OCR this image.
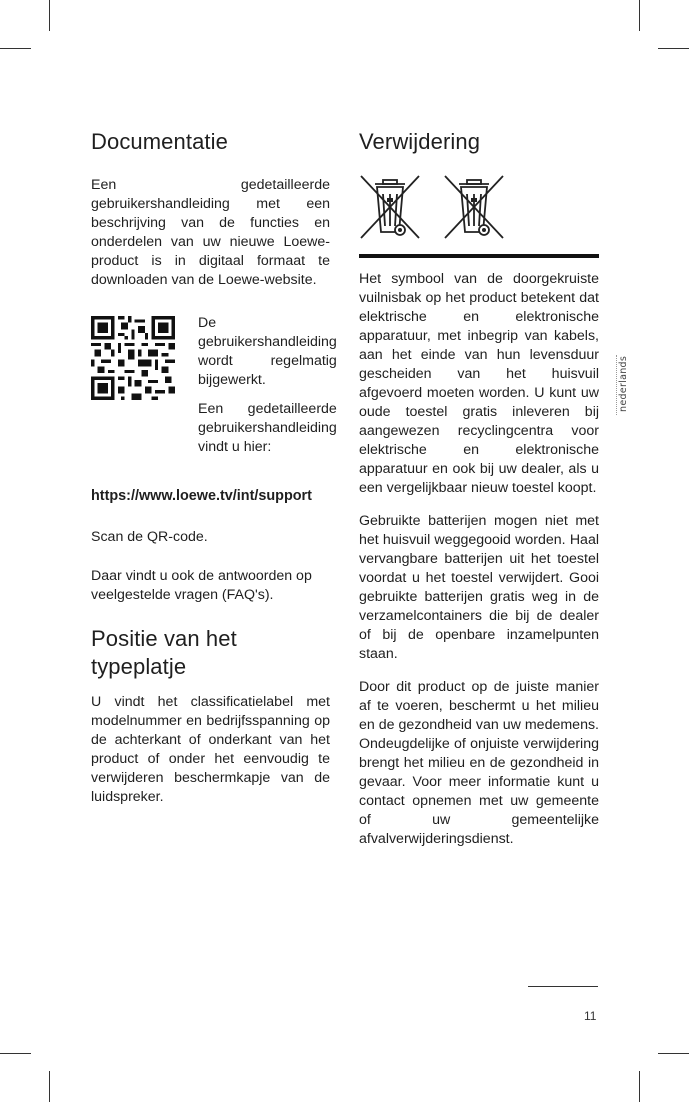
Documentatie

Een gedetailleerde gebruikershandleiding met een beschrijving van de functies en onderdelen van uw nieuwe Loewe-product is in digitaal formaat te downloaden van de Loewe-website.

De gebruikershandleiding wordt regelmatig bijgewerkt.

Een gedetailleerde gebruikershandleiding vindt u hier:

https://www.loewe.tv/int/support

Scan de QR-code.

Daar vindt u ook de antwoorden op veelgestelde vragen (FAQ's).

Positie van het typeplatje

U vindt het classificatielabel met modelnummer en bedrijfsspanning op de achterkant of onderkant van het product of onder het eenvoudig te verwijderen beschermkapje van de luidspreker.

Verwijdering

Het symbool van de doorgekruiste vuilnisbak op het product betekent dat elektrische en elektronische apparatuur, met inbegrip van kabels, aan het einde van hun levensduur gescheiden van het huisvuil afgevoerd moeten worden. U kunt uw oude toestel gratis inleveren bij aangewezen recyclingcentra voor elektrische en elektronische apparatuur en ook bij uw dealer, als u een vergelijkbaar nieuw toestel koopt.

Gebruikte batterijen mogen niet met het huisvuil weggegooid worden. Haal vervangbare batterijen uit het toestel voordat u het toestel verwijdert. Gooi gebruikte batterijen gratis weg in de verzamelcontainers die bij de dealer of bij de openbare inzamelpunten staan.

Door dit product op de juiste manier af te voeren, beschermt u het milieu en de gezondheid van uw medemens. Ondeugdelijke of onjuiste verwijdering brengt het milieu en de gezondheid in gevaar. Voor meer informatie kunt u contact opnemen met uw gemeente of uw gemeentelijke afvalverwijderingsdienst.

nederlands
11
